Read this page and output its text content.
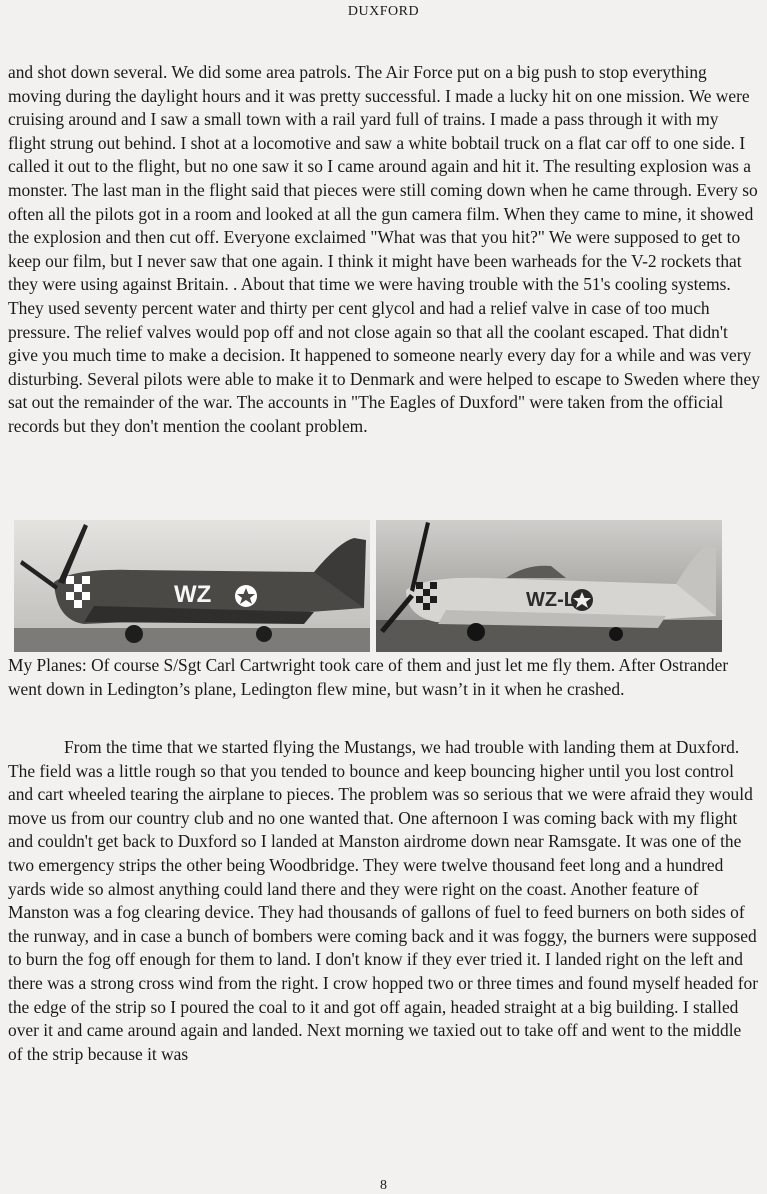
DUXFORD

and shot down several. We did some area patrols. The Air Force put on a big push to stop everything moving during the daylight hours and it was pretty successful. I made a lucky hit on one mission. We were cruising around and I saw a small town with a rail yard full of trains. I made a pass through it with my flight strung out behind. I shot at a locomotive and saw a white bobtail truck on a flat car off to one side. I called it out to the flight, but no one saw it so I came around again and hit it. The resulting explosion was a monster. The last man in the flight said that pieces were still coming down when he came through. Every so often all the pilots got in a room and looked at all the gun camera film. When they came to mine, it showed the explosion and then cut off. Everyone exclaimed "What was that you hit?" We were supposed to get to keep our film, but I never saw that one again. I think it might have been warheads for the V-2 rockets that they were using against Britain. . About that time we were having trouble with the 51's cooling systems. They used seventy percent water and thirty per cent glycol and had a relief valve in case of too much pressure. The relief valves would pop off and not close again so that all the coolant escaped. That didn't give you much time to make a decision. It happened to someone nearly every day for a while and was very disturbing. Several pilots were able to make it to Denmark and were helped to escape to Sweden where they sat out the remainder of the war. The accounts in "The Eagles of Duxford" were taken from the official records but they don't mention the coolant problem.

WZ	WZ-L

My Planes: Of course S/Sgt Carl Cartwright took care of them and just let me fly them. After Ostrander went down in Ledington’s plane, Ledington flew mine, but wasn’t in it when he crashed.

From the time that we started flying the Mustangs, we had trouble with landing them at Duxford. The field was a little rough so that you tended to bounce and keep bouncing higher until you lost control and cart wheeled tearing the airplane to pieces. The problem was so serious that we were afraid they would move us from our country club and no one wanted that. One afternoon I was coming back with my flight and couldn't get back to Duxford so I landed at Manston airdrome down near Ramsgate. It was one of the two emergency strips the other being Woodbridge. They were twelve thousand feet long and a hundred yards wide so almost anything could land there and they were right on the coast. Another feature of Manston was a fog clearing device. They had thousands of gallons of fuel to feed burners on both sides of the runway, and in case a bunch of bombers were coming back and it was foggy, the burners were supposed to burn the fog off enough for them to land. I don't know if they ever tried it. I landed right on the left and there was a strong cross wind from the right. I crow hopped two or three times and found myself headed for the edge of the strip so I poured the coal to it and got off again, headed straight at a big building. I stalled over it and came around again and landed. Next morning we taxied out to take off and went to the middle of the strip because it was

8
